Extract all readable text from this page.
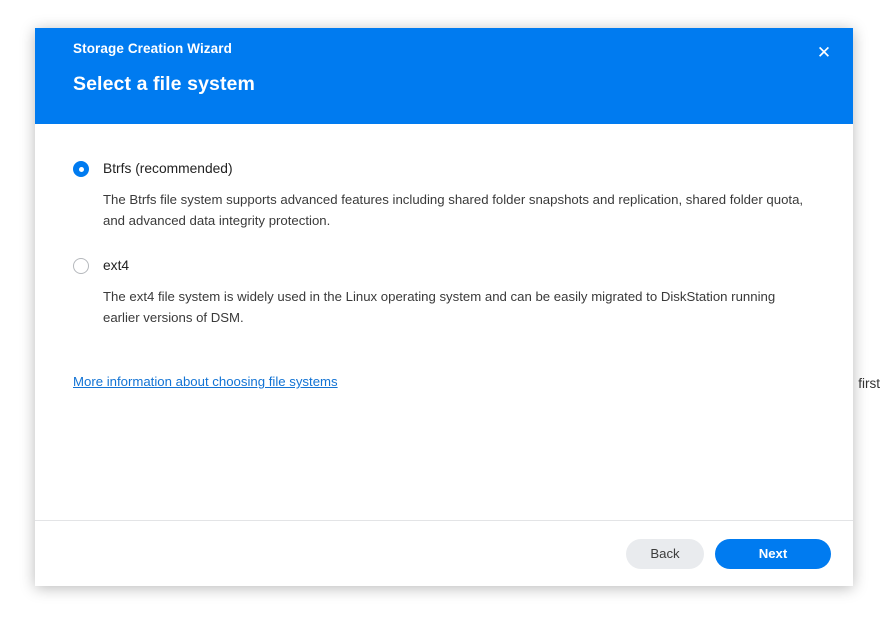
first
Storage Creation Wizard
Select a file system
✕
Btrfs (recommended)
The Btrfs file system supports advanced features including shared folder snapshots and replication, shared folder quota, and advanced data integrity protection.
ext4
The ext4 file system is widely used in the Linux operating system and can be easily migrated to DiskStation running earlier versions of DSM.
More information about choosing file systems
Back	Next
